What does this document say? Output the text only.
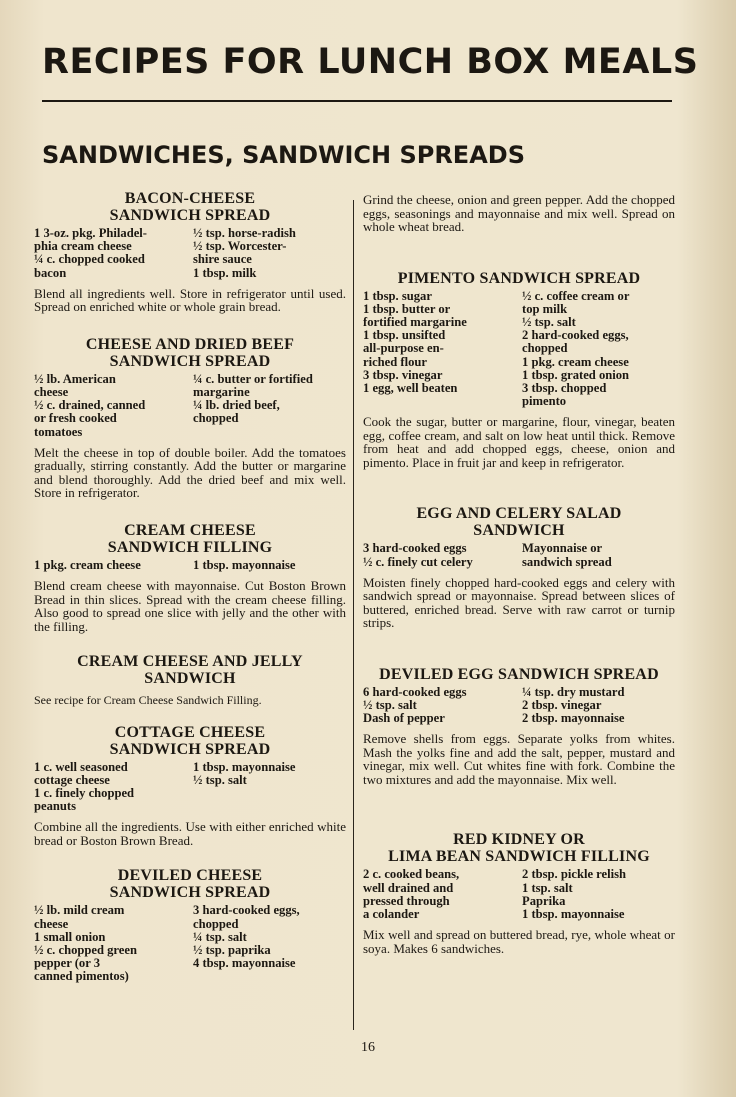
RECIPES FOR LUNCH BOX MEALS
SANDWICHES, SANDWICH SPREADS
BACON-CHEESE
SANDWICH SPREAD
1 3-oz. pkg. Philadel-
phia cream cheese
¼ c. chopped cooked
bacon
½ tsp. horse-radish
½ tsp. Worcester-
shire sauce
1 tbsp. milk
Blend all ingredients well. Store in refrigerator until used. Spread on enriched white or whole grain bread.
CHEESE AND DRIED BEEF
SANDWICH SPREAD
½ lb. American
cheese
½ c. drained, canned
or fresh cooked
tomatoes
¼ c. butter or fortified
margarine
¼ lb. dried beef,
chopped
Melt the cheese in top of double boiler. Add the tomatoes gradually, stirring constantly. Add the butter or margarine and blend thoroughly. Add the dried beef and mix well. Store in refrigerator.
CREAM CHEESE
SANDWICH FILLING
1 pkg. cream cheese	1 tbsp. mayonnaise
Blend cream cheese with mayonnaise. Cut Boston Brown Bread in thin slices. Spread with the cream cheese filling. Also good to spread one slice with jelly and the other with the filling.
CREAM CHEESE AND JELLY
SANDWICH
See recipe for Cream Cheese Sandwich Filling.
COTTAGE CHEESE
SANDWICH SPREAD
1 c. well seasoned
cottage cheese
1 c. finely chopped
peanuts
1 tbsp. mayonnaise
½ tsp. salt
Combine all the ingredients. Use with either enriched white bread or Boston Brown Bread.
DEVILED CHEESE
SANDWICH SPREAD
½ lb. mild cream
cheese
1 small onion
½ c. chopped green
pepper (or 3
canned pimentos)
3 hard-cooked eggs,
chopped
¼ tsp. salt
½ tsp. paprika
4 tbsp. mayonnaise
Grind the cheese, onion and green pepper. Add the chopped eggs, seasonings and mayonnaise and mix well. Spread on whole wheat bread.
PIMENTO SANDWICH SPREAD
1 tbsp. sugar
1 tbsp. butter or
fortified margarine
1 tbsp. unsifted
all-purpose en-
riched flour
3 tbsp. vinegar
1 egg, well beaten
½ c. coffee cream or
top milk
½ tsp. salt
2 hard-cooked eggs,
chopped
1 pkg. cream cheese
1 tbsp. grated onion
3 tbsp. chopped
pimento
Cook the sugar, butter or margarine, flour, vinegar, beaten egg, coffee cream, and salt on low heat until thick. Remove from heat and add chopped eggs, cheese, onion and pimento. Place in fruit jar and keep in refrigerator.
EGG AND CELERY SALAD
SANDWICH
3 hard-cooked eggs
½ c. finely cut celery
Mayonnaise or
sandwich spread
Moisten finely chopped hard-cooked eggs and celery with sandwich spread or mayonnaise. Spread between slices of buttered, enriched bread. Serve with raw carrot or turnip strips.
DEVILED EGG SANDWICH SPREAD
6 hard-cooked eggs
½ tsp. salt
Dash of pepper
¼ tsp. dry mustard
2 tbsp. vinegar
2 tbsp. mayonnaise
Remove shells from eggs. Separate yolks from whites. Mash the yolks fine and add the salt, pepper, mustard and vinegar, mix well. Cut whites fine with fork. Combine the two mixtures and add the mayonnaise. Mix well.
RED KIDNEY OR
LIMA BEAN SANDWICH FILLING
2 c. cooked beans,
well drained and
pressed through
a colander
2 tbsp. pickle relish
1 tsp. salt
Paprika
1 tbsp. mayonnaise
Mix well and spread on buttered bread, rye, whole wheat or soya. Makes 6 sandwiches.
16
